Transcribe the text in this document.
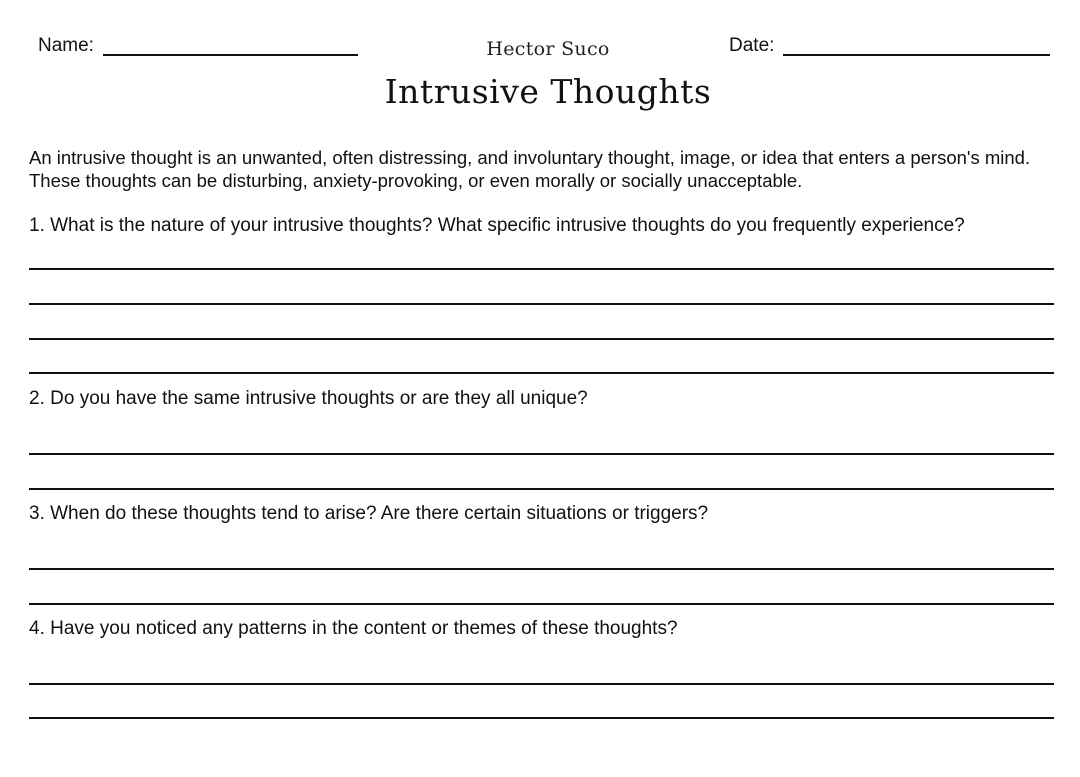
Name:	Hector Suco	Date:
Intrusive Thoughts
An intrusive thought is an unwanted, often distressing, and involuntary thought, image, or idea that enters a person's mind. These thoughts can be disturbing, anxiety-provoking, or even morally or socially unacceptable.
1. What is the nature of your intrusive thoughts? What specific intrusive thoughts do you frequently experience?
2. Do you have the same intrusive thoughts or are they all unique?
3. When do these thoughts tend to arise? Are there certain situations or triggers?
4. Have you noticed any patterns in the content or themes of these thoughts?
